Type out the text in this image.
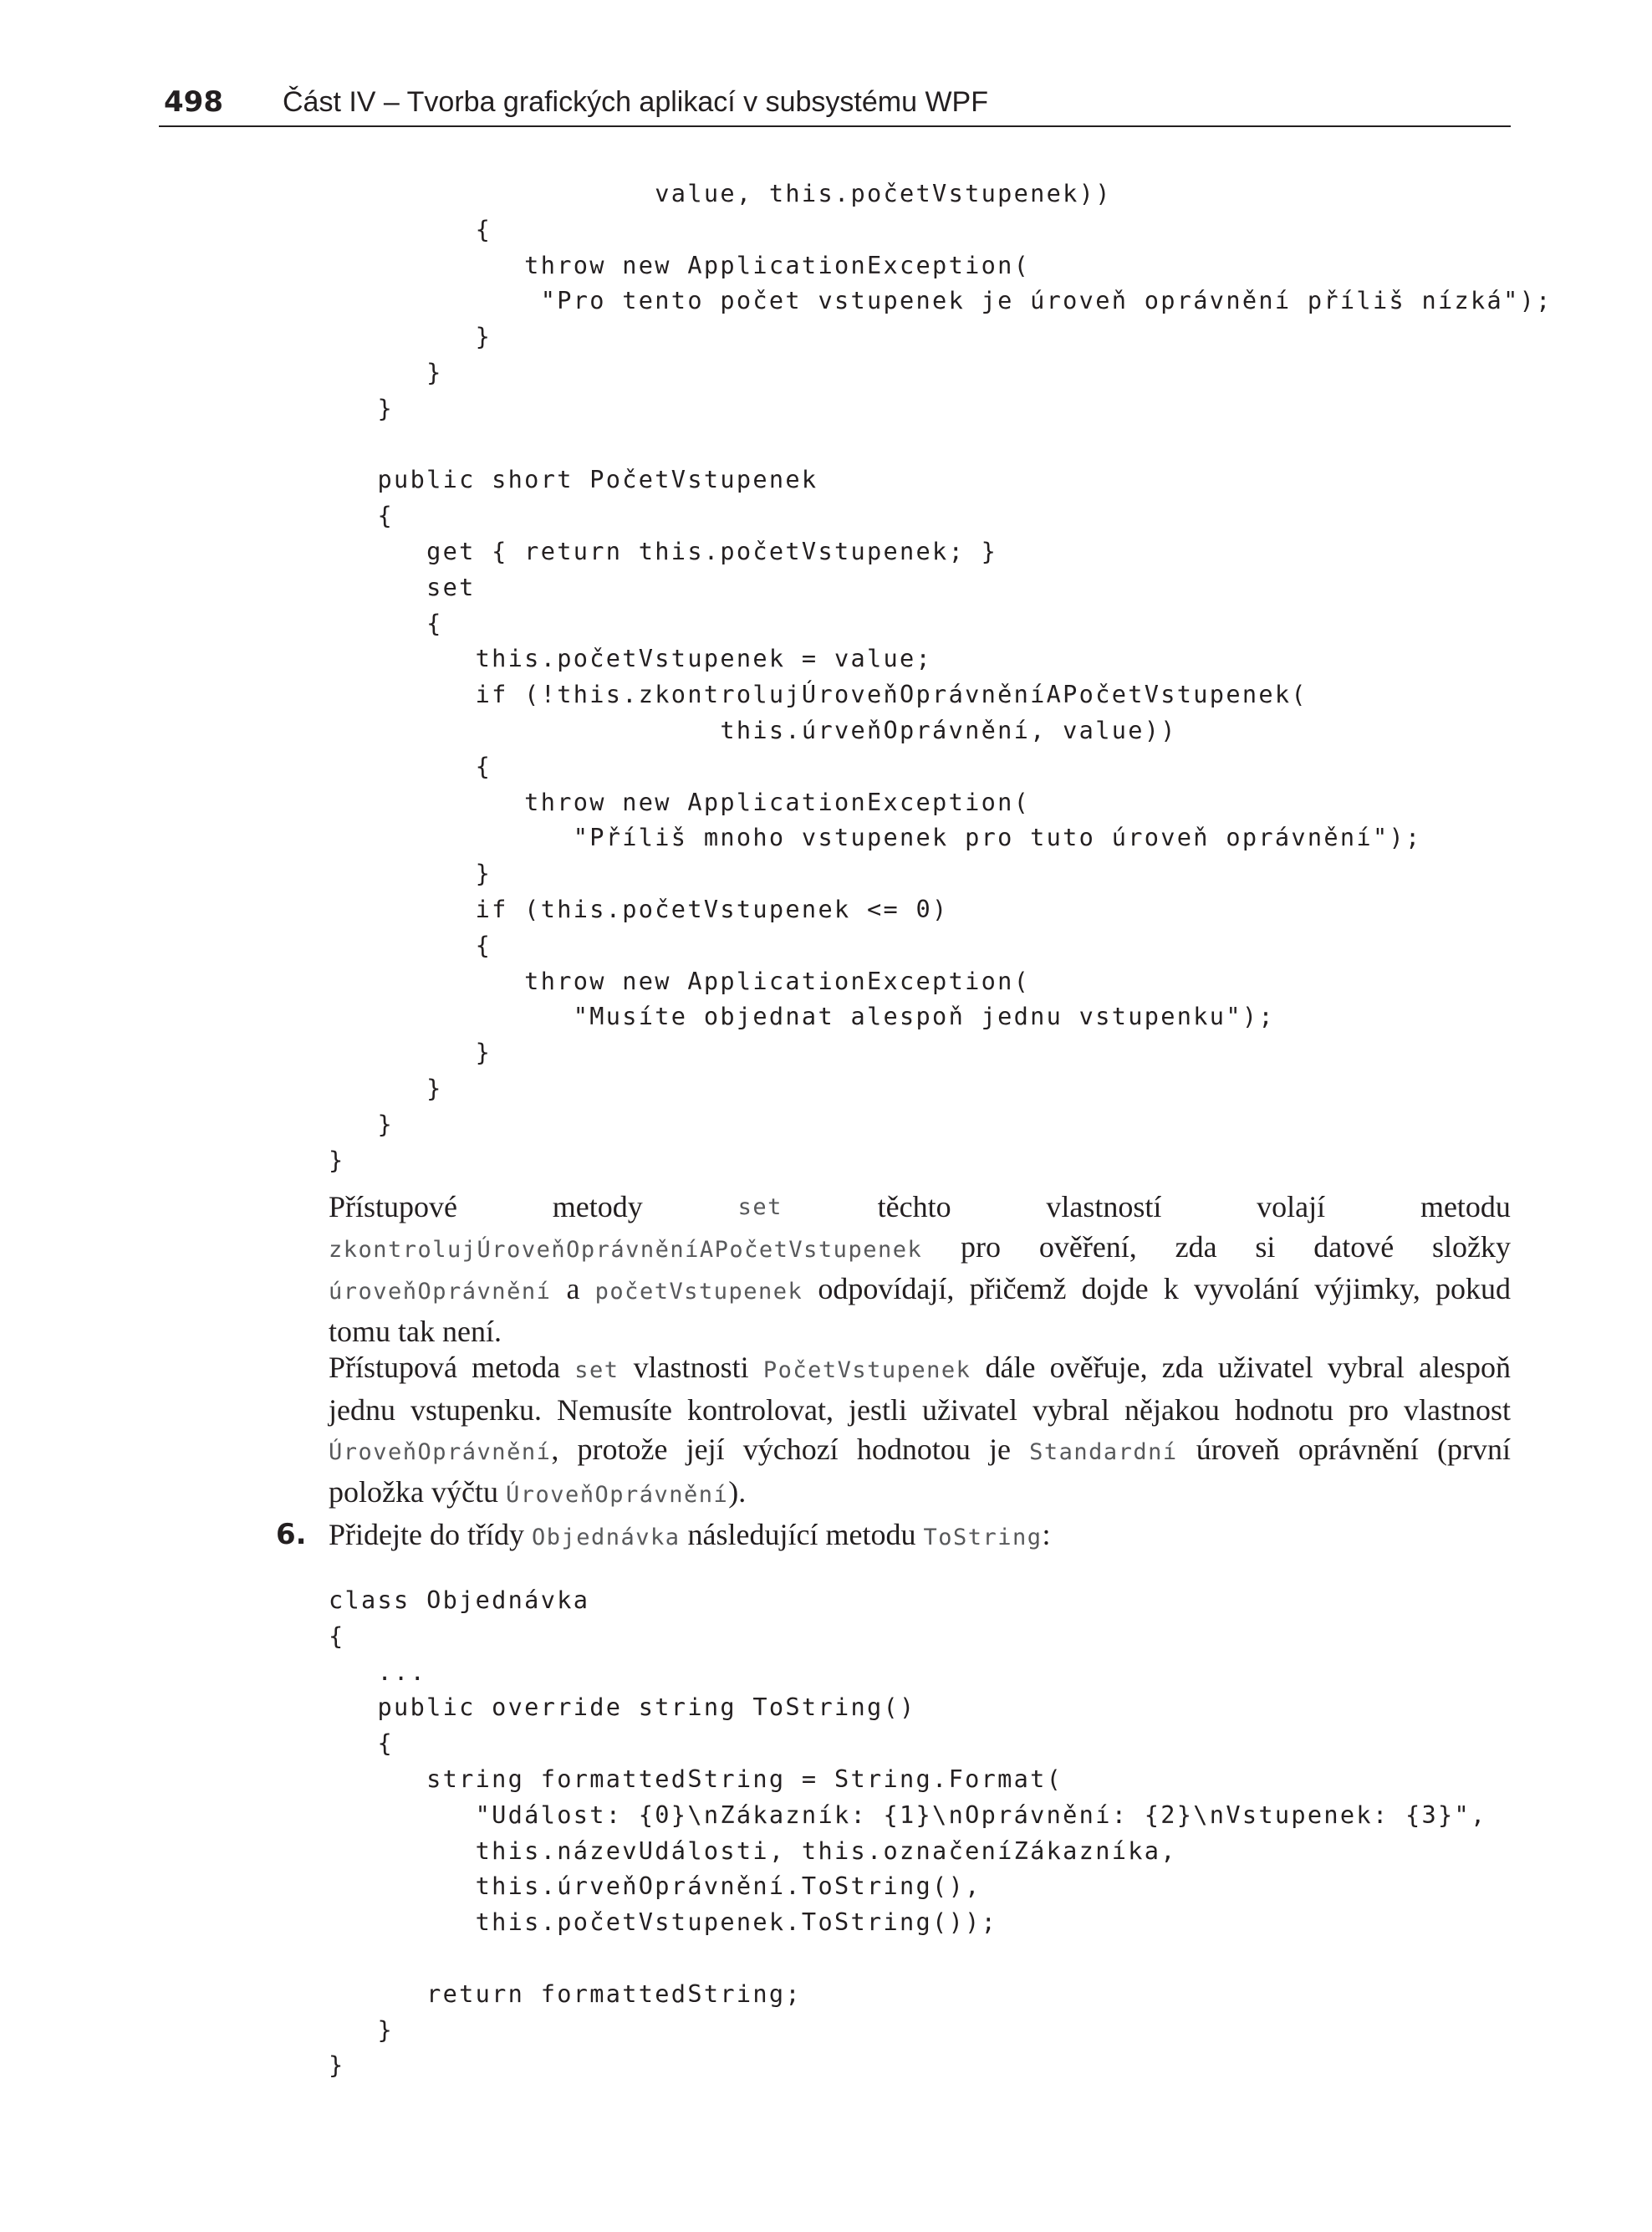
498 Část IV – Tvorba grafických aplikací v subsystému WPF
value, this.početVstupenek))
{
throw new ApplicationException(
"Pro tento počet vstupenek je úroveň oprávnění příliš nízká");
}
}
}
public short PočetVstupenek
{
get { return this.početVstupenek; }
set
{
this.početVstupenek = value;
if (!this.zkontrolujÚroveňOprávněníAPočetVstupenek(
this.úrveňOprávnění, value))
{
throw new ApplicationException(
"Příliš mnoho vstupenek pro tuto úroveň oprávnění");
}
if (this.početVstupenek <= 0)
{
throw new ApplicationException(
"Musíte objednat alespoň jednu vstupenku");
}
}
}
}
Přístupové	metody	set	těchto	vlastností	volají	metodu
zkontrolujÚroveňOprávněníAPočetVstupenek pro ověření, zda si datové složky úroveňOprávnění a početVstupenek odpovídají, přičemž dojde k vyvolání výjimky, pokud tomu tak není.

Přístupová metoda set vlastnosti PočetVstupenek dále ověřuje, zda uživatel vybral alespoň jednu vstupenku. Nemusíte kontrolovat, jestli uživatel vybral nějakou hodnotu pro vlastnost ÚroveňOprávnění, protože její výchozí hodnotou je Standardní úroveň oprávnění (první položka výčtu ÚroveňOprávnění).

6. Přidejte do třídy Objednávka následující metodu ToString:
class Objednávka
{
...
public override string ToString()
{
string formattedString = String.Format(
"Událost: {0}\nZákazník: {1}\nOprávnění: {2}\nVstupenek: {3}",
this.názevUdálosti, this.označeníZákazníka,
this.úrveňOprávnění.ToString(),
this.početVstupenek.ToString());
return formattedString;
}
}
